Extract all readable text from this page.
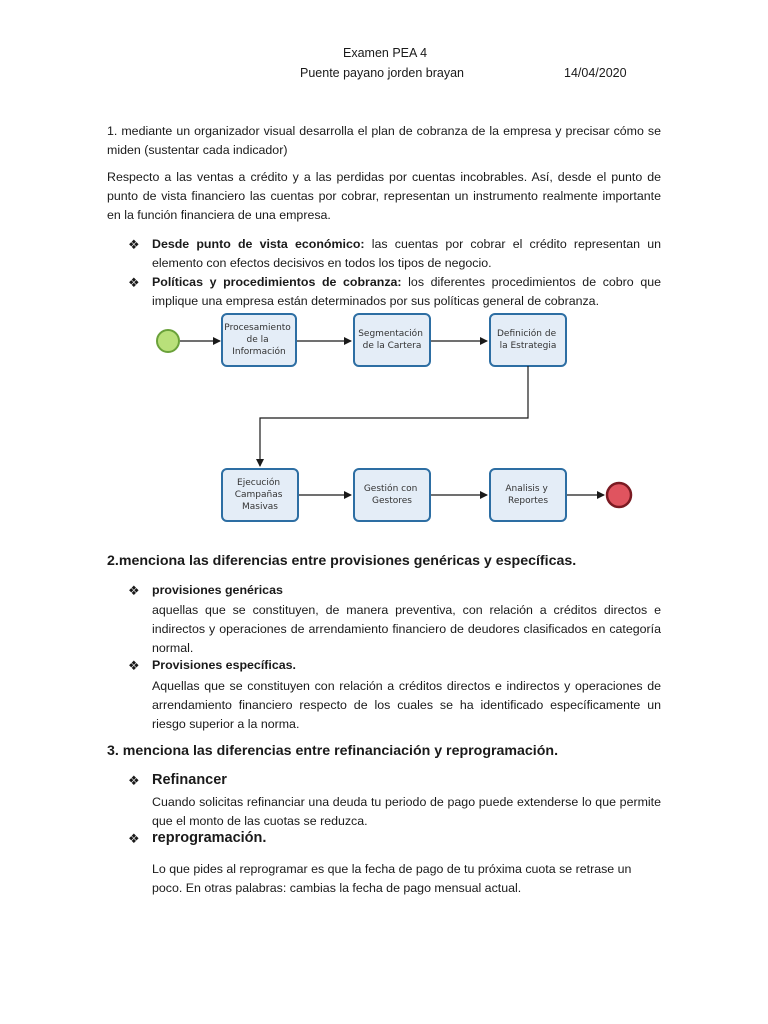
Examen PEA 4
Puente payano jorden brayan	14/04/2020
1. mediante un organizador visual desarrolla el plan de cobranza de la empresa y precisar cómo se miden (sustentar cada indicador)
Respecto a las ventas a crédito y a las perdidas por cuentas incobrables. Así, desde el punto de punto de vista financiero las cuentas por cobrar, representan un instrumento realmente importante en la función financiera de una empresa.
❖ Desde punto de vista económico: las cuentas por cobrar el crédito representan un elemento con efectos decisivos en todos los tipos de negocio.
❖ Políticas y procedimientos de cobranza: los diferentes procedimientos de cobro que implique una empresa están determinados por sus políticas general de cobranza.
Procesamiento de la Información
Segmentación de la Cartera
Definición de la Estrategia
Ejecución Campañas Masivas
Gestión con Gestores
Analisis y Reportes
2.menciona las diferencias entre provisiones genéricas y específicas.
❖ provisiones genéricas
aquellas que se constituyen, de manera preventiva, con relación a créditos directos e indirectos y operaciones de arrendamiento financiero de deudores clasificados en categoría normal.
❖ Provisiones específicas.
Aquellas que se constituyen con relación a créditos directos e indirectos y operaciones de arrendamiento financiero respecto de los cuales se ha identificado específicamente un riesgo superior a la norma.
3. menciona las diferencias entre refinanciación y reprogramación.
❖ Refinancer
Cuando solicitas refinanciar una deuda tu periodo de pago puede extenderse lo que permite que el monto de las cuotas se reduzca.
❖ reprogramación.
Lo que pides al reprogramar es que la fecha de pago de tu próxima cuota se retrase un poco. En otras palabras: cambias la fecha de pago mensual actual.
